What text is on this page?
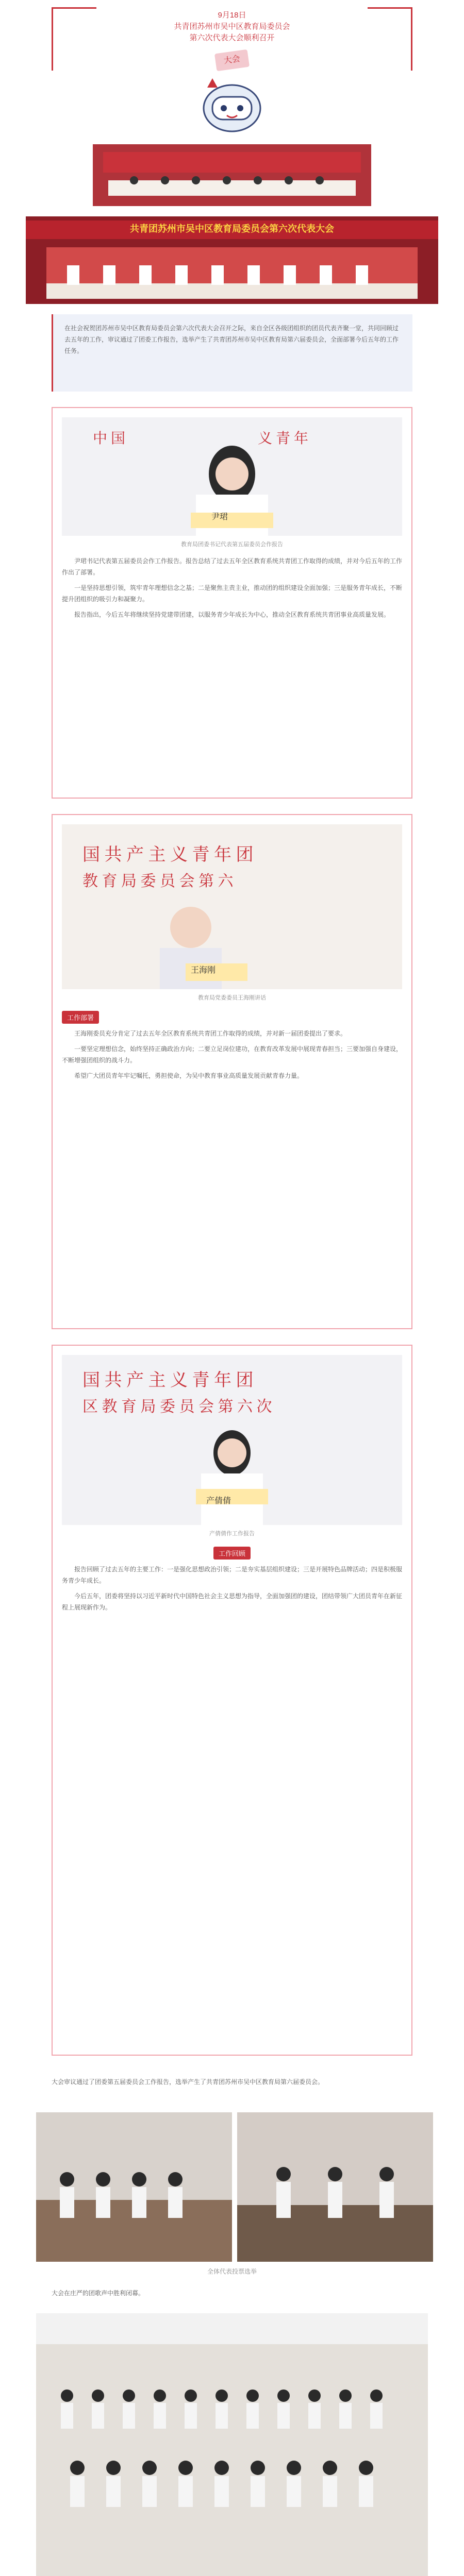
9月18日
共青团苏州市吴中区教育局委员会
第六次代表大会顺利召开
大会
共青团苏州市吴中区教育局委员会第六次代表大会
在社会祝贺团苏州市吴中区教育局委员会第六次代表大会召开之际，来自全区各级团组织的团员代表齐聚一堂，共同回顾过去五年的工作，审议通过了团委工作报告，选举产生了共青团苏州市吴中区教育局第六届委员会，全面部署今后五年的工作任务。
中 国	义 青 年
尹珺
教育局团委书记代表第五届委员会作报告

尹珺书记代表第五届委员会作工作报告。报告总结了过去五年全区教育系统共青团工作取得的成绩，并对今后五年的工作作出了部署。

一是坚持思想引领，筑牢青年理想信念之基；二是聚焦主责主业，推动团的组织建设全面加强；三是服务青年成长，不断提升团组织的吸引力和凝聚力。

报告指出，今后五年将继续坚持党建带团建，以服务青少年成长为中心，推动全区教育系统共青团事业高质量发展。

国 共 产 主 义 青 年 团
教 育 局 委 员 会 第 六
王海刚
教育局党委委员王海刚讲话
工作部署

王海刚委员充分肯定了过去五年全区教育系统共青团工作取得的成绩，并对新一届团委提出了要求。

一要坚定理想信念，始终坚持正确政治方向；二要立足岗位建功，在教育改革发展中展现青春担当；三要加强自身建设，不断增强团组织的战斗力。

希望广大团员青年牢记嘱托，勇担使命，为吴中教育事业高质量发展贡献青春力量。

国 共 产 主 义 青 年 团
区 教 育 局 委 员 会 第 六 次
产倩倩
产倩倩作工作报告
工作回顾

报告回顾了过去五年的主要工作：一是强化思想政治引领；二是夯实基层组织建设；三是开展特色品牌活动；四是积极服务青少年成长。

今后五年，团委将坚持以习近平新时代中国特色社会主义思想为指导，全面加强团的建设，团结带领广大团员青年在新征程上展现新作为。

大会审议通过了团委第五届委员会工作报告，选举产生了共青团苏州市吴中区教育局第六届委员会。
全体代表投票选举
大会在庄严的团歌声中胜利闭幕。
